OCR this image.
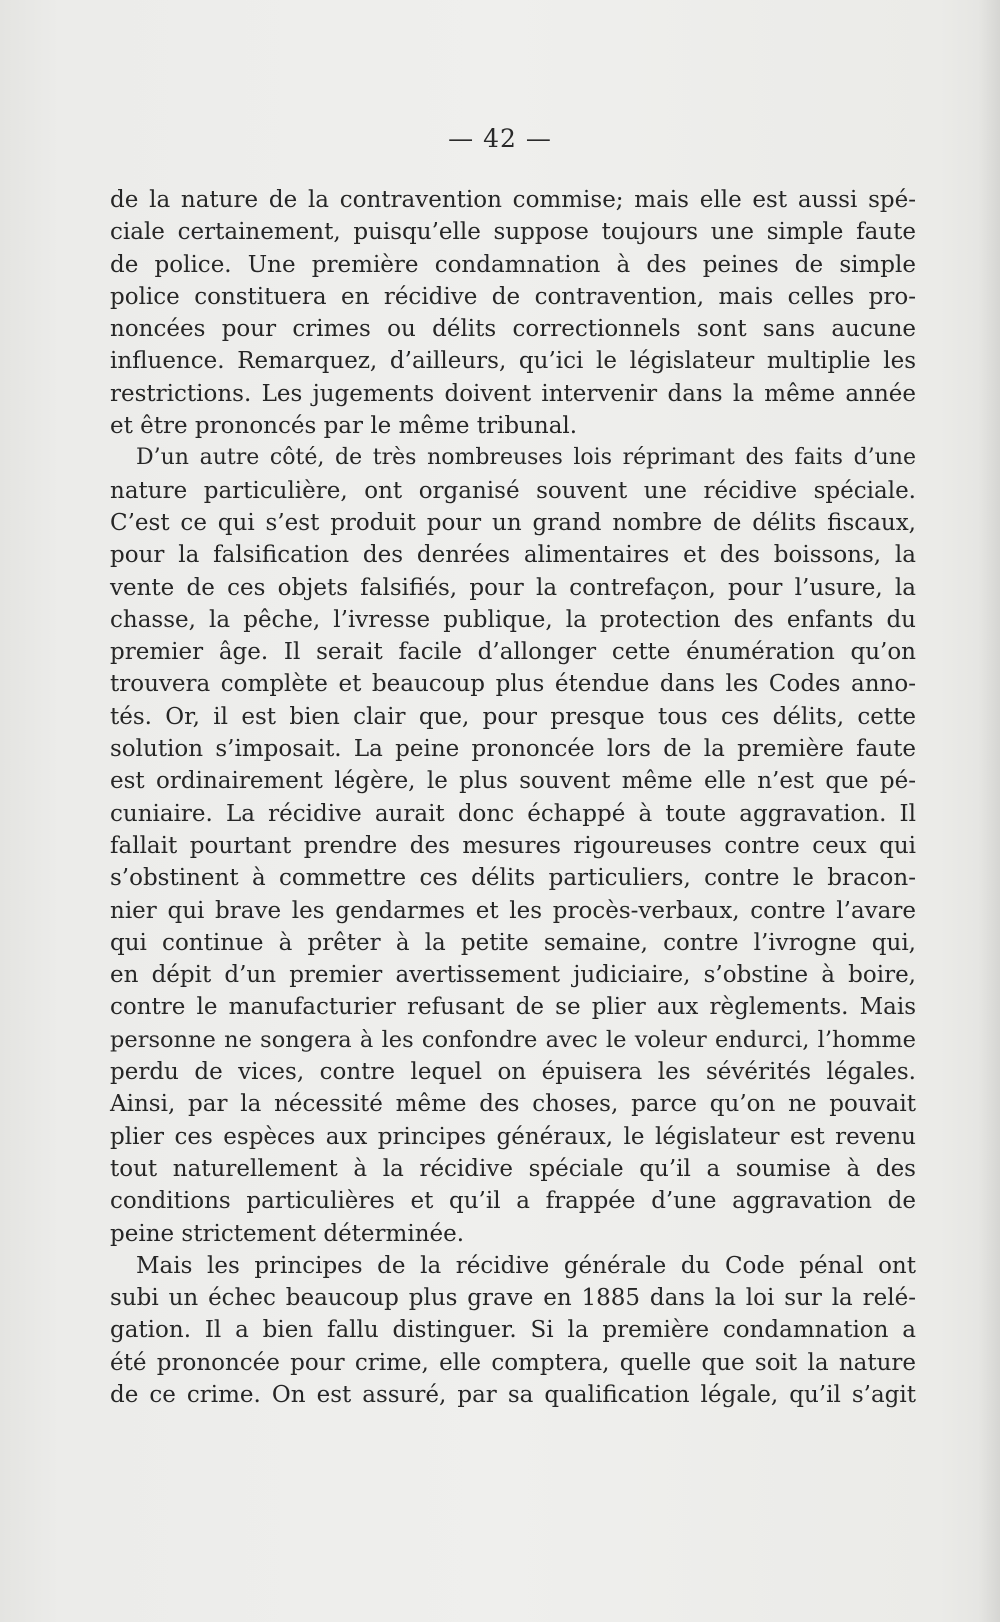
— 42 —
de la nature de la contravention commise; mais elle est aussi spé-
ciale certainement, puisqu’elle suppose toujours une simple faute
de police. Une première condamnation à des peines de simple
police constituera en récidive de contravention, mais celles pro-
noncées pour crimes ou délits correctionnels sont sans aucune
influence. Remarquez, d’ailleurs, qu’ici le législateur multiplie les
restrictions. Les jugements doivent intervenir dans la même année
et être prononcés par le même tribunal.
D’un autre côté, de très nombreuses lois réprimant des faits d’une
nature particulière, ont organisé souvent une récidive spéciale.
C’est ce qui s’est produit pour un grand nombre de délits fiscaux,
pour la falsification des denrées alimentaires et des boissons, la
vente de ces objets falsifiés, pour la contrefaçon, pour l’usure, la
chasse, la pêche, l’ivresse publique, la protection des enfants du
premier âge. Il serait facile d’allonger cette énumération qu’on
trouvera complète et beaucoup plus étendue dans les Codes anno-
tés. Or, il est bien clair que, pour presque tous ces délits, cette
solution s’imposait. La peine prononcée lors de la première faute
est ordinairement légère, le plus souvent même elle n’est que pé-
cuniaire. La récidive aurait donc échappé à toute aggravation. Il
fallait pourtant prendre des mesures rigoureuses contre ceux qui
s’obstinent à commettre ces délits particuliers, contre le bracon-
nier qui brave les gendarmes et les procès-verbaux, contre l’avare
qui continue à prêter à la petite semaine, contre l’ivrogne qui,
en dépit d’un premier avertissement judiciaire, s’obstine à boire,
contre le manufacturier refusant de se plier aux règlements. Mais
personne ne songera à les confondre avec le voleur endurci, l’homme
perdu de vices, contre lequel on épuisera les sévérités légales.
Ainsi, par la nécessité même des choses, parce qu’on ne pouvait
plier ces espèces aux principes généraux, le législateur est revenu
tout naturellement à la récidive spéciale qu’il a soumise à des
conditions particulières et qu’il a frappée d’une aggravation de
peine strictement déterminée.
Mais les principes de la récidive générale du Code pénal ont
subi un échec beaucoup plus grave en 1885 dans la loi sur la relé-
gation. Il a bien fallu distinguer. Si la première condamnation a
été prononcée pour crime, elle comptera, quelle que soit la nature
de ce crime. On est assuré, par sa qualification légale, qu’il s’agit
